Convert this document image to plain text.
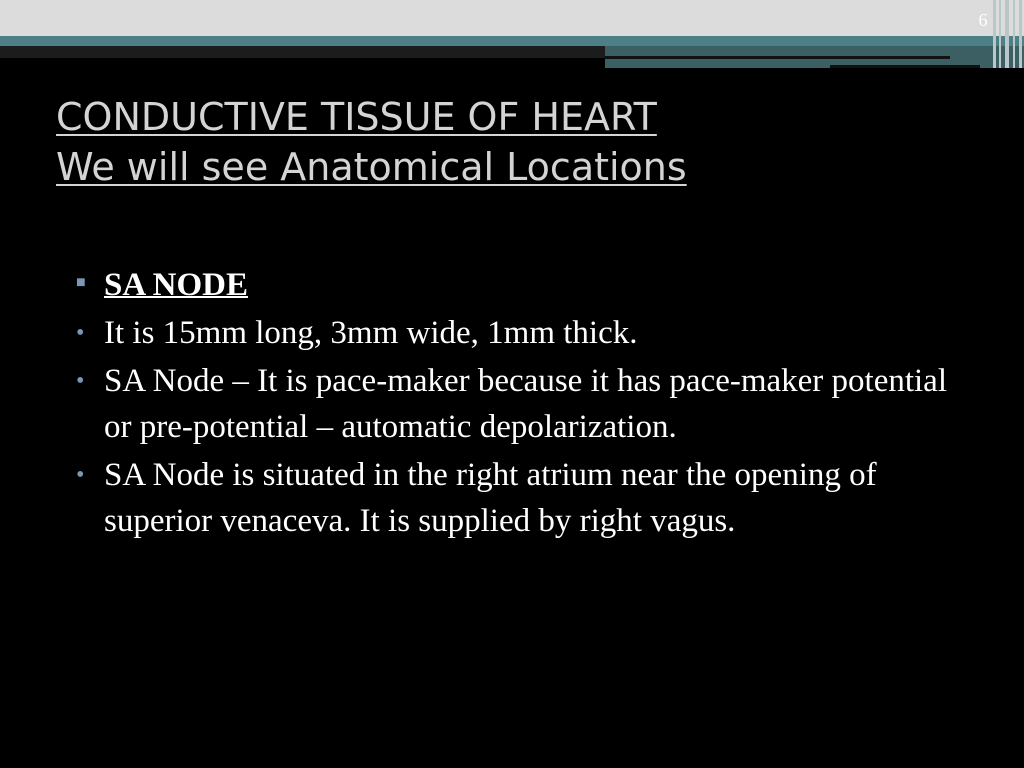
6
CONDUCTIVE TISSUE OF HEART
We will see Anatomical Locations
■ SA NODE
• It is 15mm long, 3mm wide, 1mm thick.
• SA Node – It is pace-maker because it has pace-maker potential or pre-potential – automatic depolarization.
• SA Node is situated in the right atrium near the opening of superior venaceva. It is supplied by right vagus.
